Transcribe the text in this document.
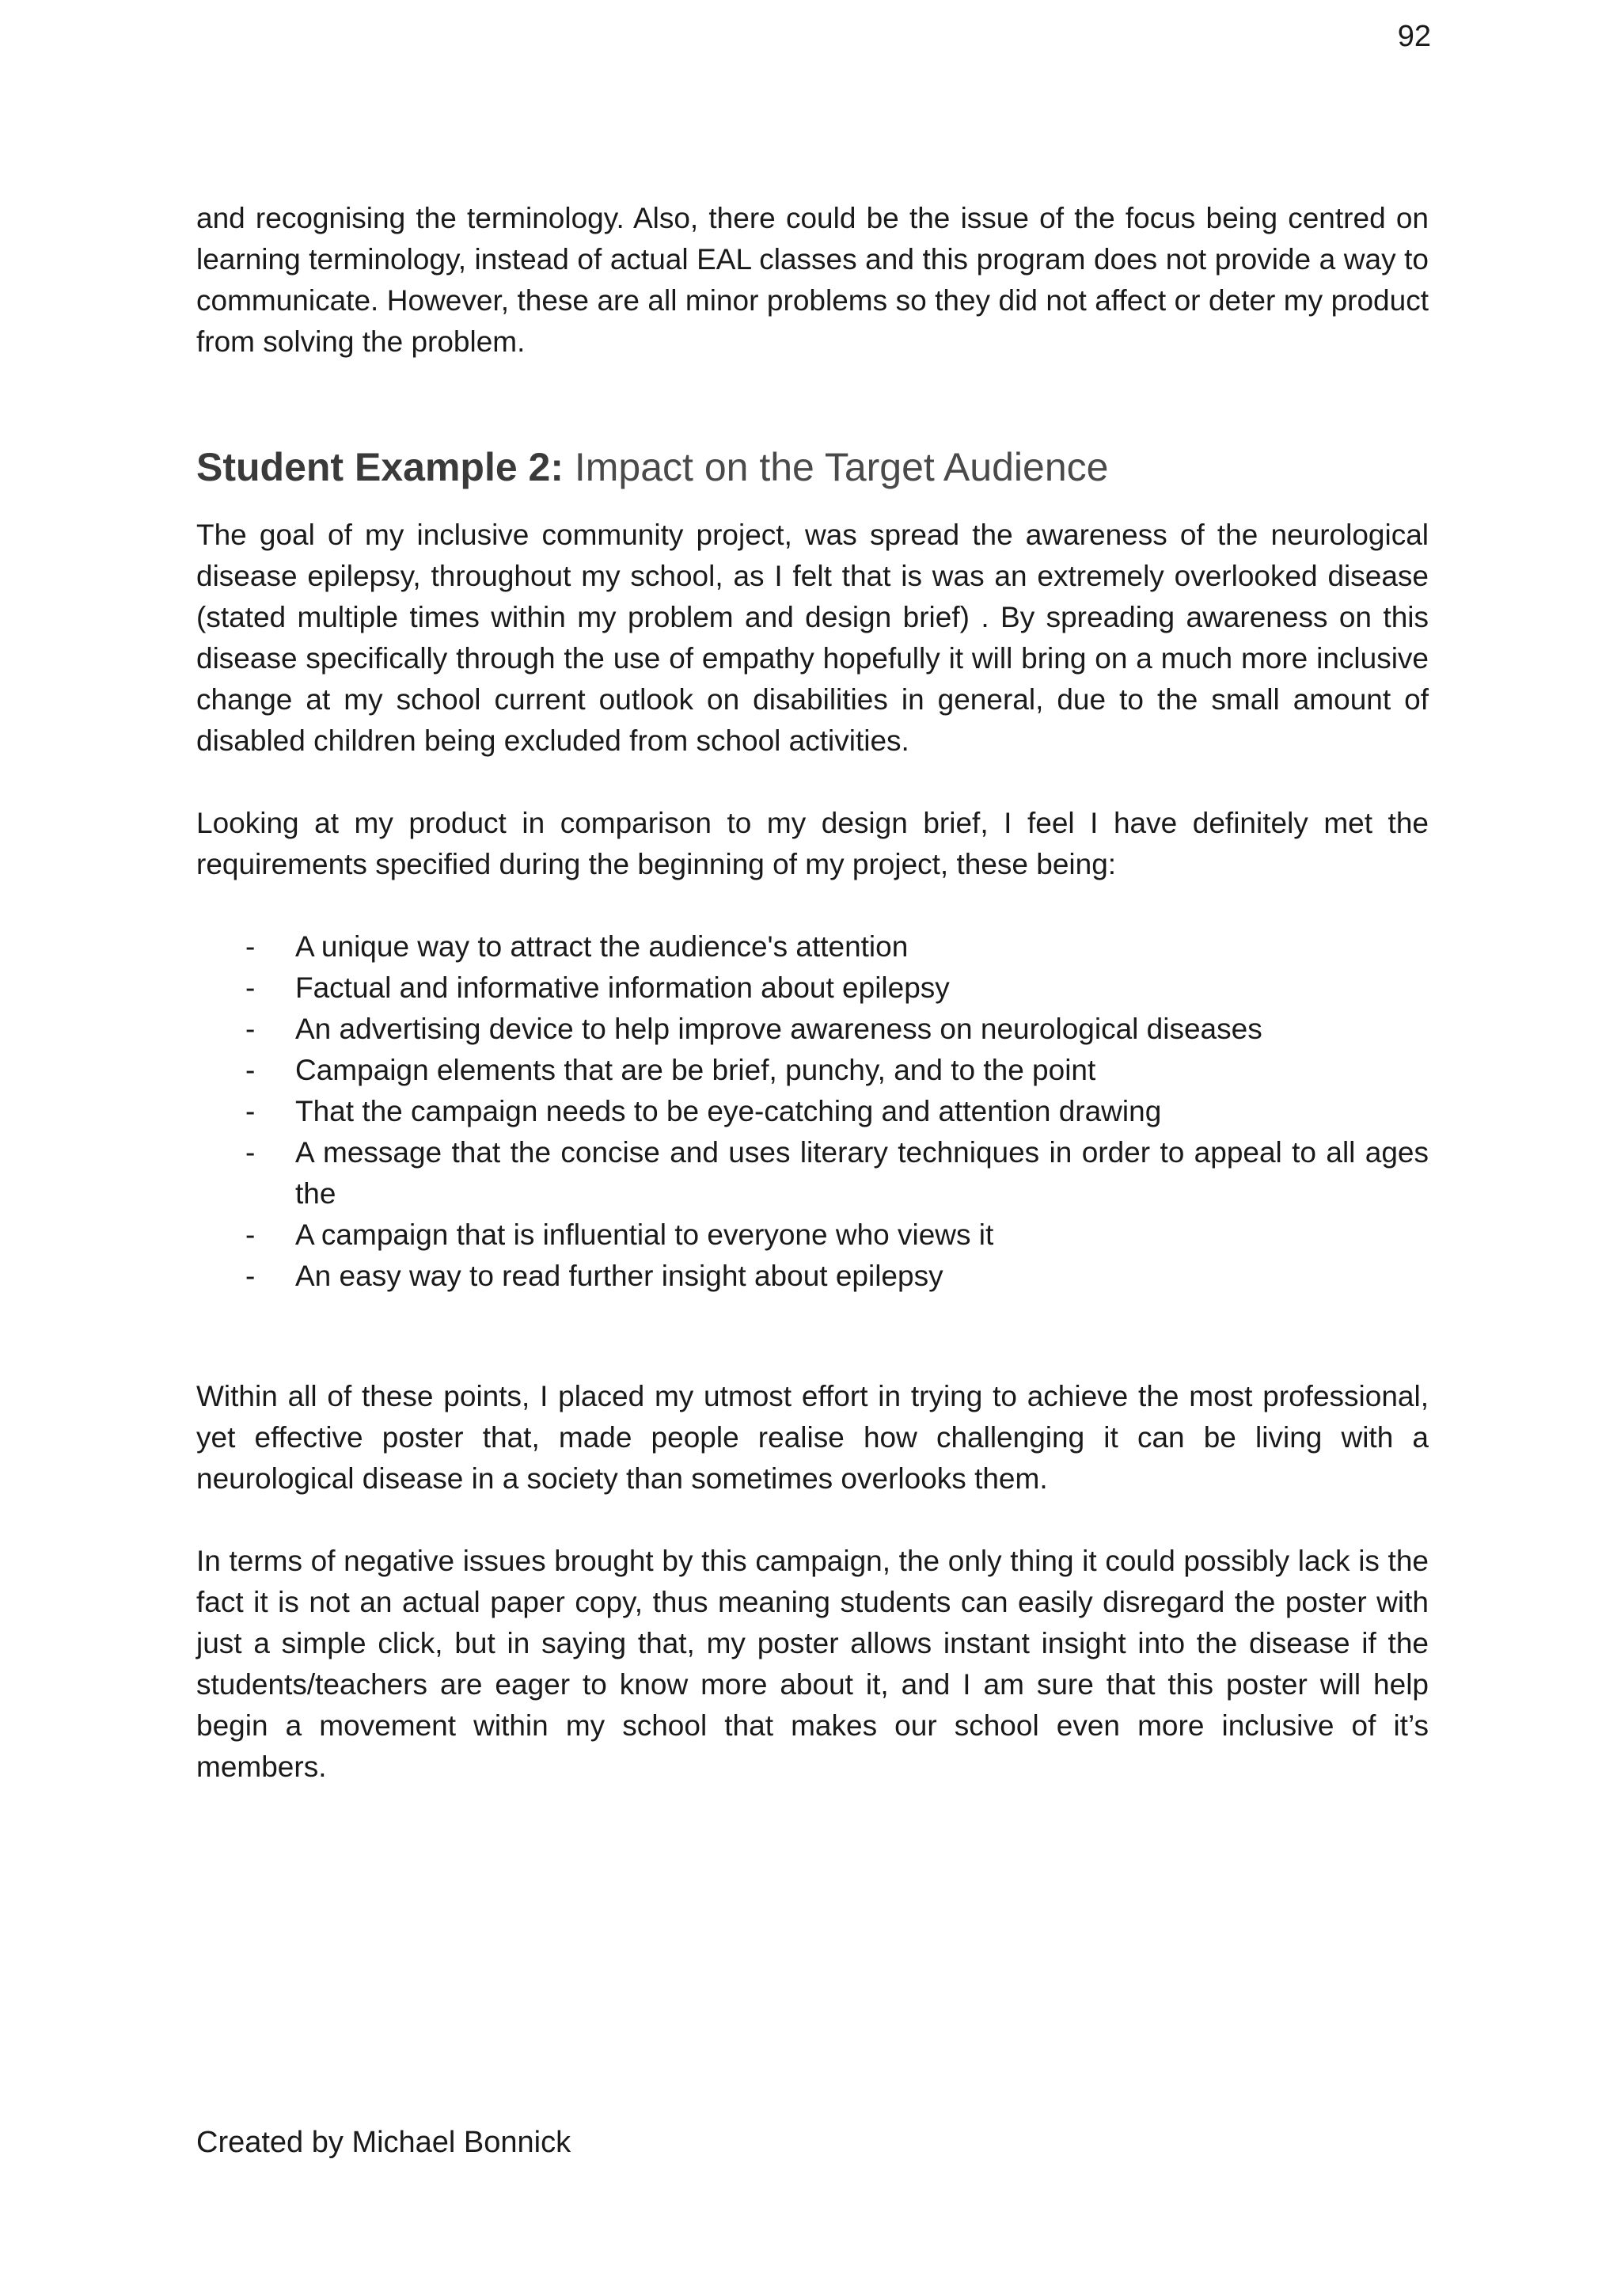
92

and recognising the terminology. Also, there could be the issue of the focus being centred on learning terminology, instead of actual EAL classes and this program does not provide a way to communicate. However, these are all minor problems so they did not affect or deter my product from solving the problem.

Student Example 2: Impact on the Target Audience

The goal of my inclusive community project, was spread the awareness of the neurological disease epilepsy, throughout my school, as I felt that is was an extremely overlooked disease (stated multiple times within my problem and design brief) . By spreading awareness on this disease specifically through the use of empathy hopefully it will bring on a much more inclusive change at my school current outlook on disabilities in general, due to the small amount of disabled children being excluded from school activities.

Looking at my product in comparison to my design brief, I feel I have definitely met the requirements specified during the beginning of my project, these being:

- A unique way to attract the audience's attention
- Factual and informative information about epilepsy
- An advertising device to help improve awareness on neurological diseases
- Campaign elements that are be brief, punchy, and to the point
- That the campaign needs to be eye-catching and attention drawing
- A message that the concise and uses literary techniques in order to appeal to all ages the
- A campaign that is influential to everyone who views it
- An easy way to read further insight about epilepsy

Within all of these points, I placed my utmost effort in trying to achieve the most professional, yet effective poster that, made people realise how challenging it can be living with a neurological disease in a society than sometimes overlooks them.

In terms of negative issues brought by this campaign, the only thing it could possibly lack is the fact it is not an actual paper copy, thus meaning students can easily disregard the poster with just a simple click, but in saying that, my poster allows instant insight into the disease if the students/teachers are eager to know more about it, and I am sure that this poster will help begin a movement within my school that makes our school even more inclusive of it’s members.

Created by Michael Bonnick
